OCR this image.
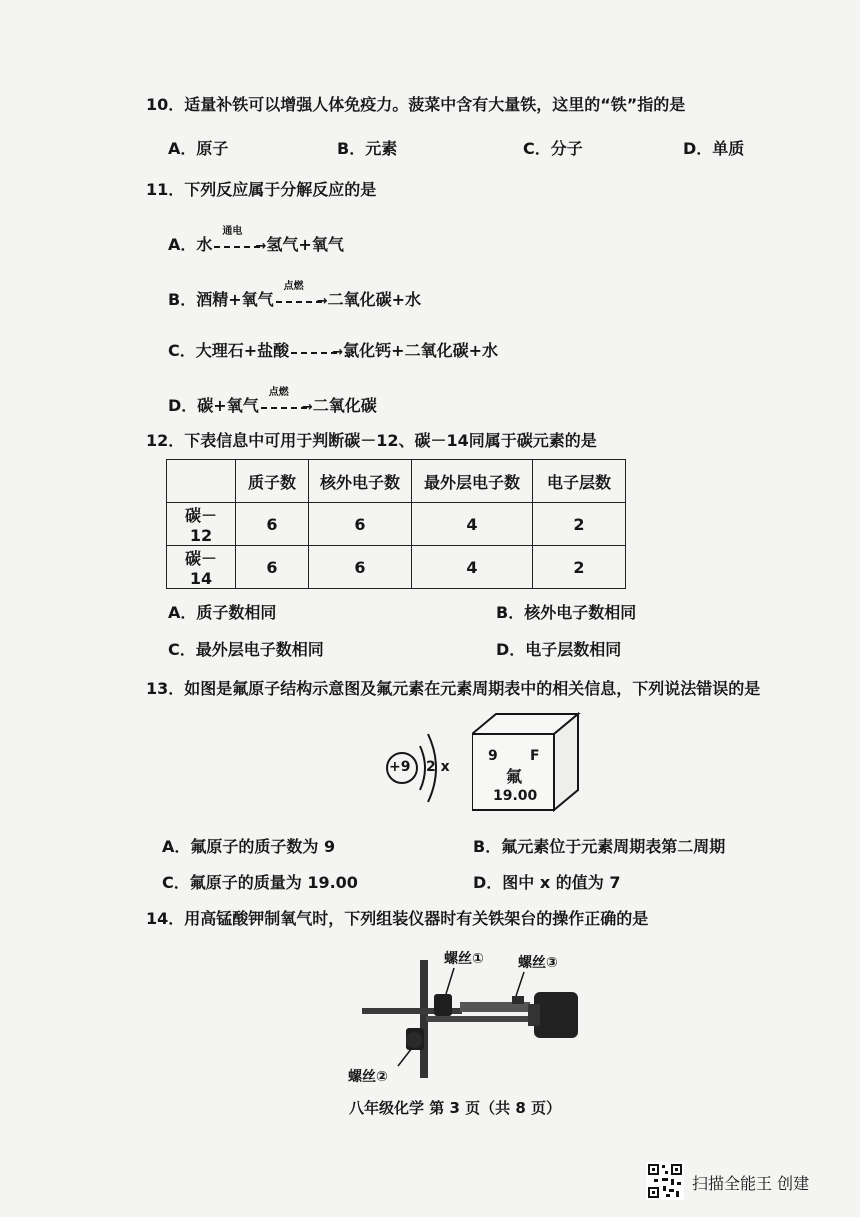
10．适量补铁可以增强人体免疫力。菠菜中含有大量铁，这里的“铁”指的是
A．原子	B．元素	C．分子	D．单质
11．下列反应属于分解反应的是
A．水
通电
→ 氢气+氧气
B．酒精+氧气
点燃
→ 二氧化碳+水
C．大理石+盐酸	→ 氯化钙+二氧化碳+水
D．碳+氧气
点燃
→ 二氧化碳
12．下表信息中可用于判断碳－12、碳－14同属于碳元素的是
	质子数	核外电子数	最外层电子数	电子层数
碳－12	6	6	4	2
碳－14	6	6	4	2
A．质子数相同	B．核外电子数相同
C．最外层电子数相同	D．电子层数相同
13．如图是氟原子结构示意图及氟元素在元素周期表中的相关信息，下列说法错误的是
+9 2 x
9 F
氟
19.00
A．氟原子的质子数为 9	B．氟元素位于元素周期表第二周期
C．氟原子的质量为 19.00	D．图中 x 的值为 7
14．用高锰酸钾制氧气时，下列组装仪器时有关铁架台的操作正确的是
螺丝① 螺丝③
螺丝②
八年级化学 第 3 页（共 8 页）
扫描全能王 创建
